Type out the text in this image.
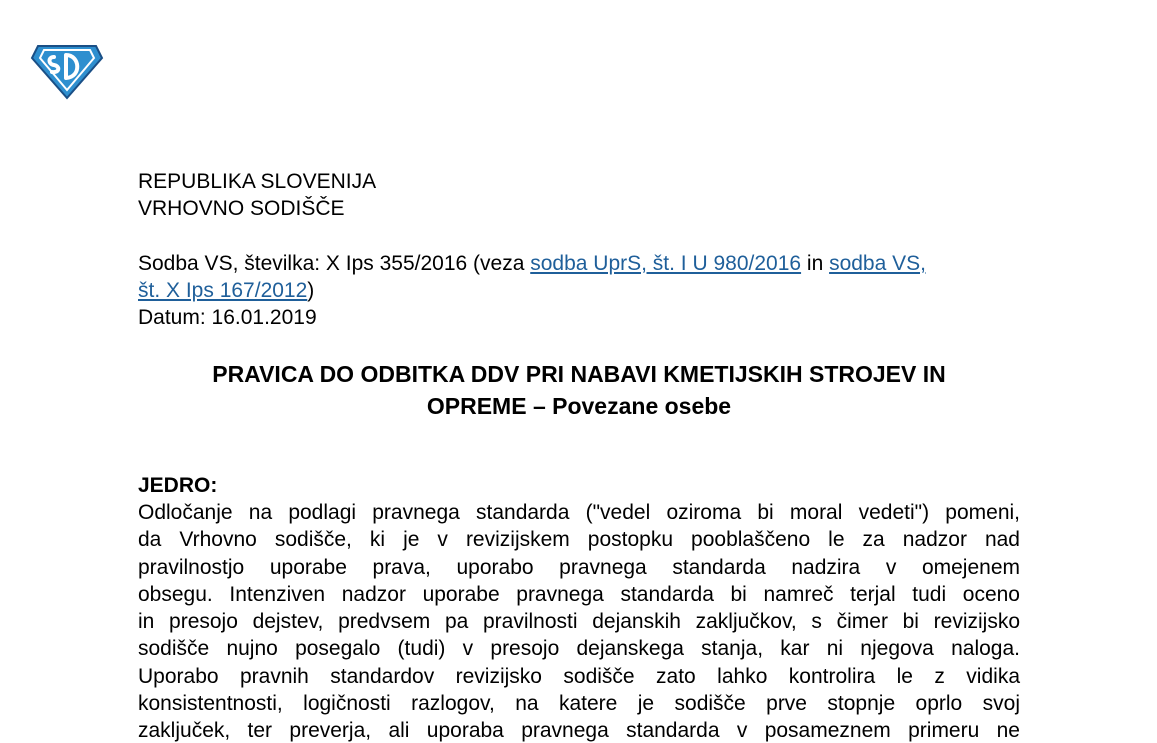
REPUBLIKA SLOVENIJA
VRHOVNO SODIŠČE
Sodba VS, številka: X Ips 355/2016 (veza sodba UprS, št. I U 980/2016 in sodba VS,
št. X Ips 167/2012)
Datum: 16.01.2019
PRAVICA DO ODBITKA DDV PRI NABAVI KMETIJSKIH STROJEV IN
OPREME – Povezane osebe
JEDRO:
Odločanje na podlagi pravnega standarda ("vedel oziroma bi moral vedeti") pomeni,
da Vrhovno sodišče, ki je v revizijskem postopku pooblaščeno le za nadzor nad
pravilnostjo uporabe prava, uporabo pravnega standarda nadzira v omejenem
obsegu. Intenziven nadzor uporabe pravnega standarda bi namreč terjal tudi oceno
in presojo dejstev, predvsem pa pravilnosti dejanskih zaključkov, s čimer bi revizijsko
sodišče nujno posegalo (tudi) v presojo dejanskega stanja, kar ni njegova naloga.
Uporabo pravnih standardov revizijsko sodišče zato lahko kontrolira le z vidika
konsistentnosti, logičnosti razlogov, na katere je sodišče prve stopnje oprlo svoj
zaključek, ter preverja, ali uporaba pravnega standarda v posameznem primeru ne
